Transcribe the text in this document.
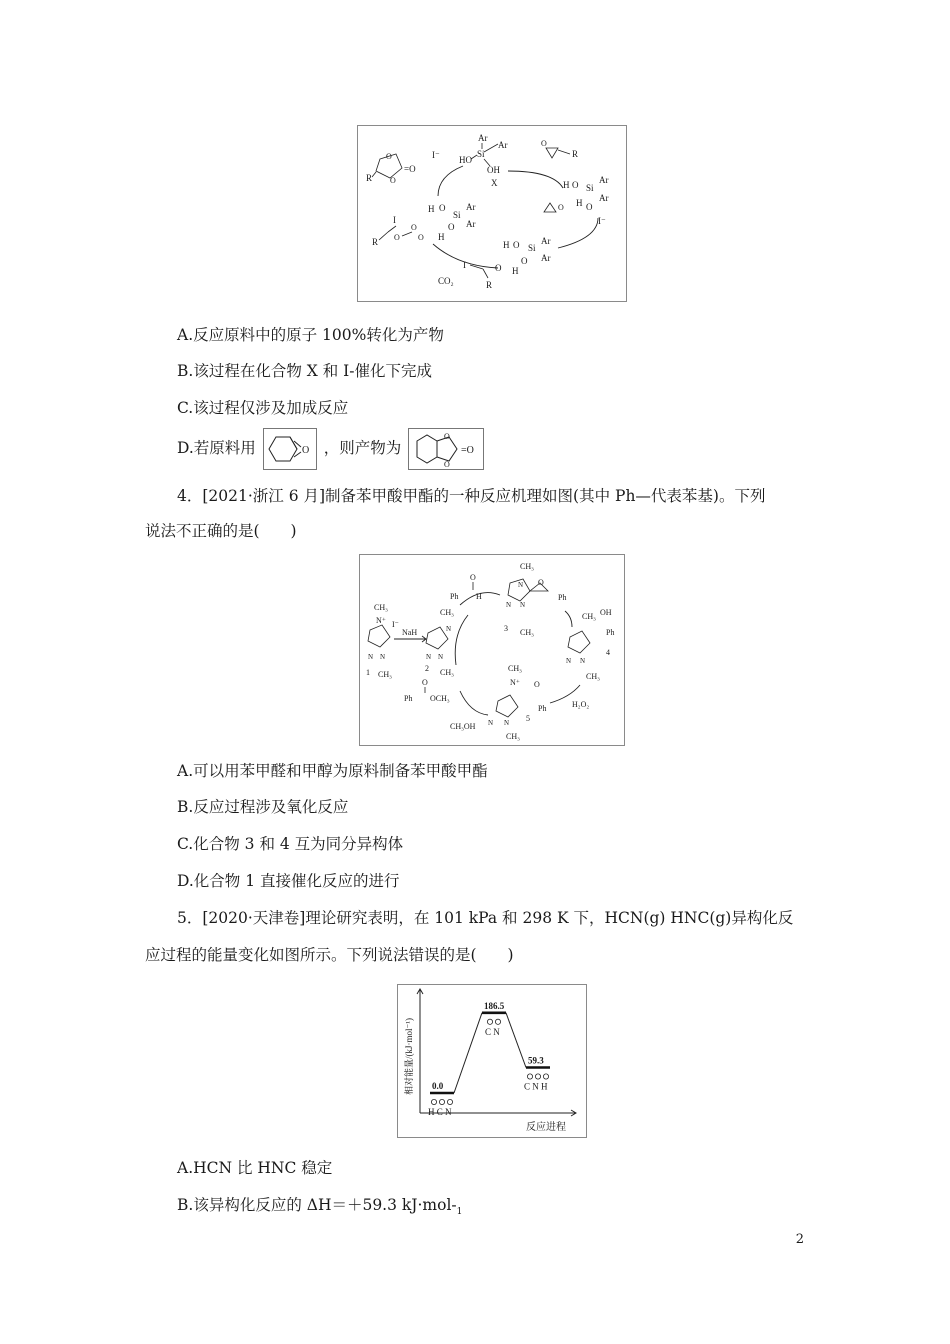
Ar
Ar
Si
HO
OH
X
O
O
=O
R
I⁻
O
R
H O Si
Ar
Ar
O
H
O
I⁻
H O Si
Ar
Ar
O
H
O
I
R
CO₂
I
H O
Si
Ar
Ar
O
H
R O
O
O
A.反应原料中的原子 100%转化为产物
B.该过程在化合物 X 和 I-催化下完成
C.该过程仅涉及加成反应
D.若原料用	O ，则产物为
O
O
=O
4．[2021·浙江 6 月]制备苯甲酸甲酯的一种反应机理如图(其中 Ph—代表苯基)。下列
说法不正确的是(　　)
O
Ph H
CH₃
N
N N
O
Ph
3 CH₃
CH₃
N⁺ I⁻
N N
1 CH₃
NaH
CH₃
N
N N
2 CH₃
OH
CH₃
N N
Ph
4
CH₃
H₂O₂
CH₃
N⁺ O
N N
Ph
5
CH₃
O
Ph OCH₃
CH₃OH
A.可以用苯甲醛和甲醇为原料制备苯甲酸甲酯
B.反应过程涉及氧化反应
C.化合物 3 和 4 互为同分异构体
D.化合物 1 直接催化反应的进行
5．[2020·天津卷]理论研究表明，在 101 kPa 和 298 K 下，HCN(g) HNC(g)异构化反
应过程的能量变化如图所示。下列说法错误的是(　　)
相对能量/(kJ·mol⁻¹)
反应进程
0.0
H C N
186.5
C N
59.3
C N H
A.HCN 比 HNC 稳定
B.该异构化反应的 ΔH＝＋59.3 $kJ\cdot mol-_1$
2
